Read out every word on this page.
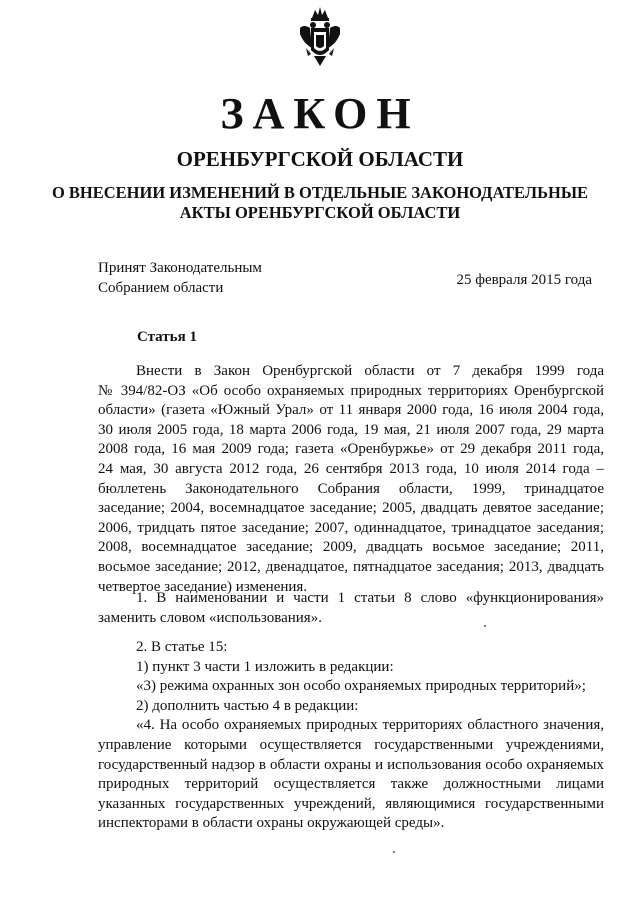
ЗАКОН
ОРЕНБУРГСКОЙ ОБЛАСТИ
О ВНЕСЕНИИ ИЗМЕНЕНИЙ В ОТДЕЛЬНЫЕ ЗАКОНОДАТЕЛЬНЫЕ
АКТЫ ОРЕНБУРГСКОЙ ОБЛАСТИ
Принят Законодательным
Собранием области	25 февраля 2015 года
Статья 1
Внести в Закон Оренбургской области от 7 декабря 1999 года
№ 394/82-ОЗ «Об особо охраняемых природных территориях Оренбургской
области» (газета «Южный Урал» от 11 января 2000 года, 16 июля 2004 года,
30 июля 2005 года, 18 марта 2006 года, 19 мая, 21 июля 2007 года, 29 марта
2008 года, 16 мая 2009 года; газета «Оренбуржье» от 29 декабря 2011 года,
24 мая, 30 августа 2012 года, 26 сентября 2013 года, 10 июля 2014 года –
бюллетень Законодательного Собрания области, 1999, тринадцатое
заседание; 2004, восемнадцатое заседание; 2005, двадцать девятое заседание;
2006, тридцать пятое заседание; 2007, одиннадцатое, тринадцатое заседания;
2008, восемнадцатое заседание; 2009, двадцать восьмое заседание; 2011,
восьмое заседание; 2012, двенадцатое, пятнадцатое заседания; 2013, двадцать
четвертое заседание) изменения.
1. В наименовании и части 1 статьи 8 слово «функционирования»
заменить словом «использования».
2. В статье 15:
1) пункт 3 части 1 изложить в редакции:
«3) режима охранных зон особо охраняемых природных территорий»;
2) дополнить частью 4 в редакции:
«4. На особо охраняемых природных территориях областного значения,
управление которыми осуществляется государственными учреждениями,
государственный надзор в области охраны и использования особо охраняемых
природных территорий осуществляется также должностными лицами
указанных государственных учреждений, являющимися государственными
инспекторами в области охраны окружающей среды».
